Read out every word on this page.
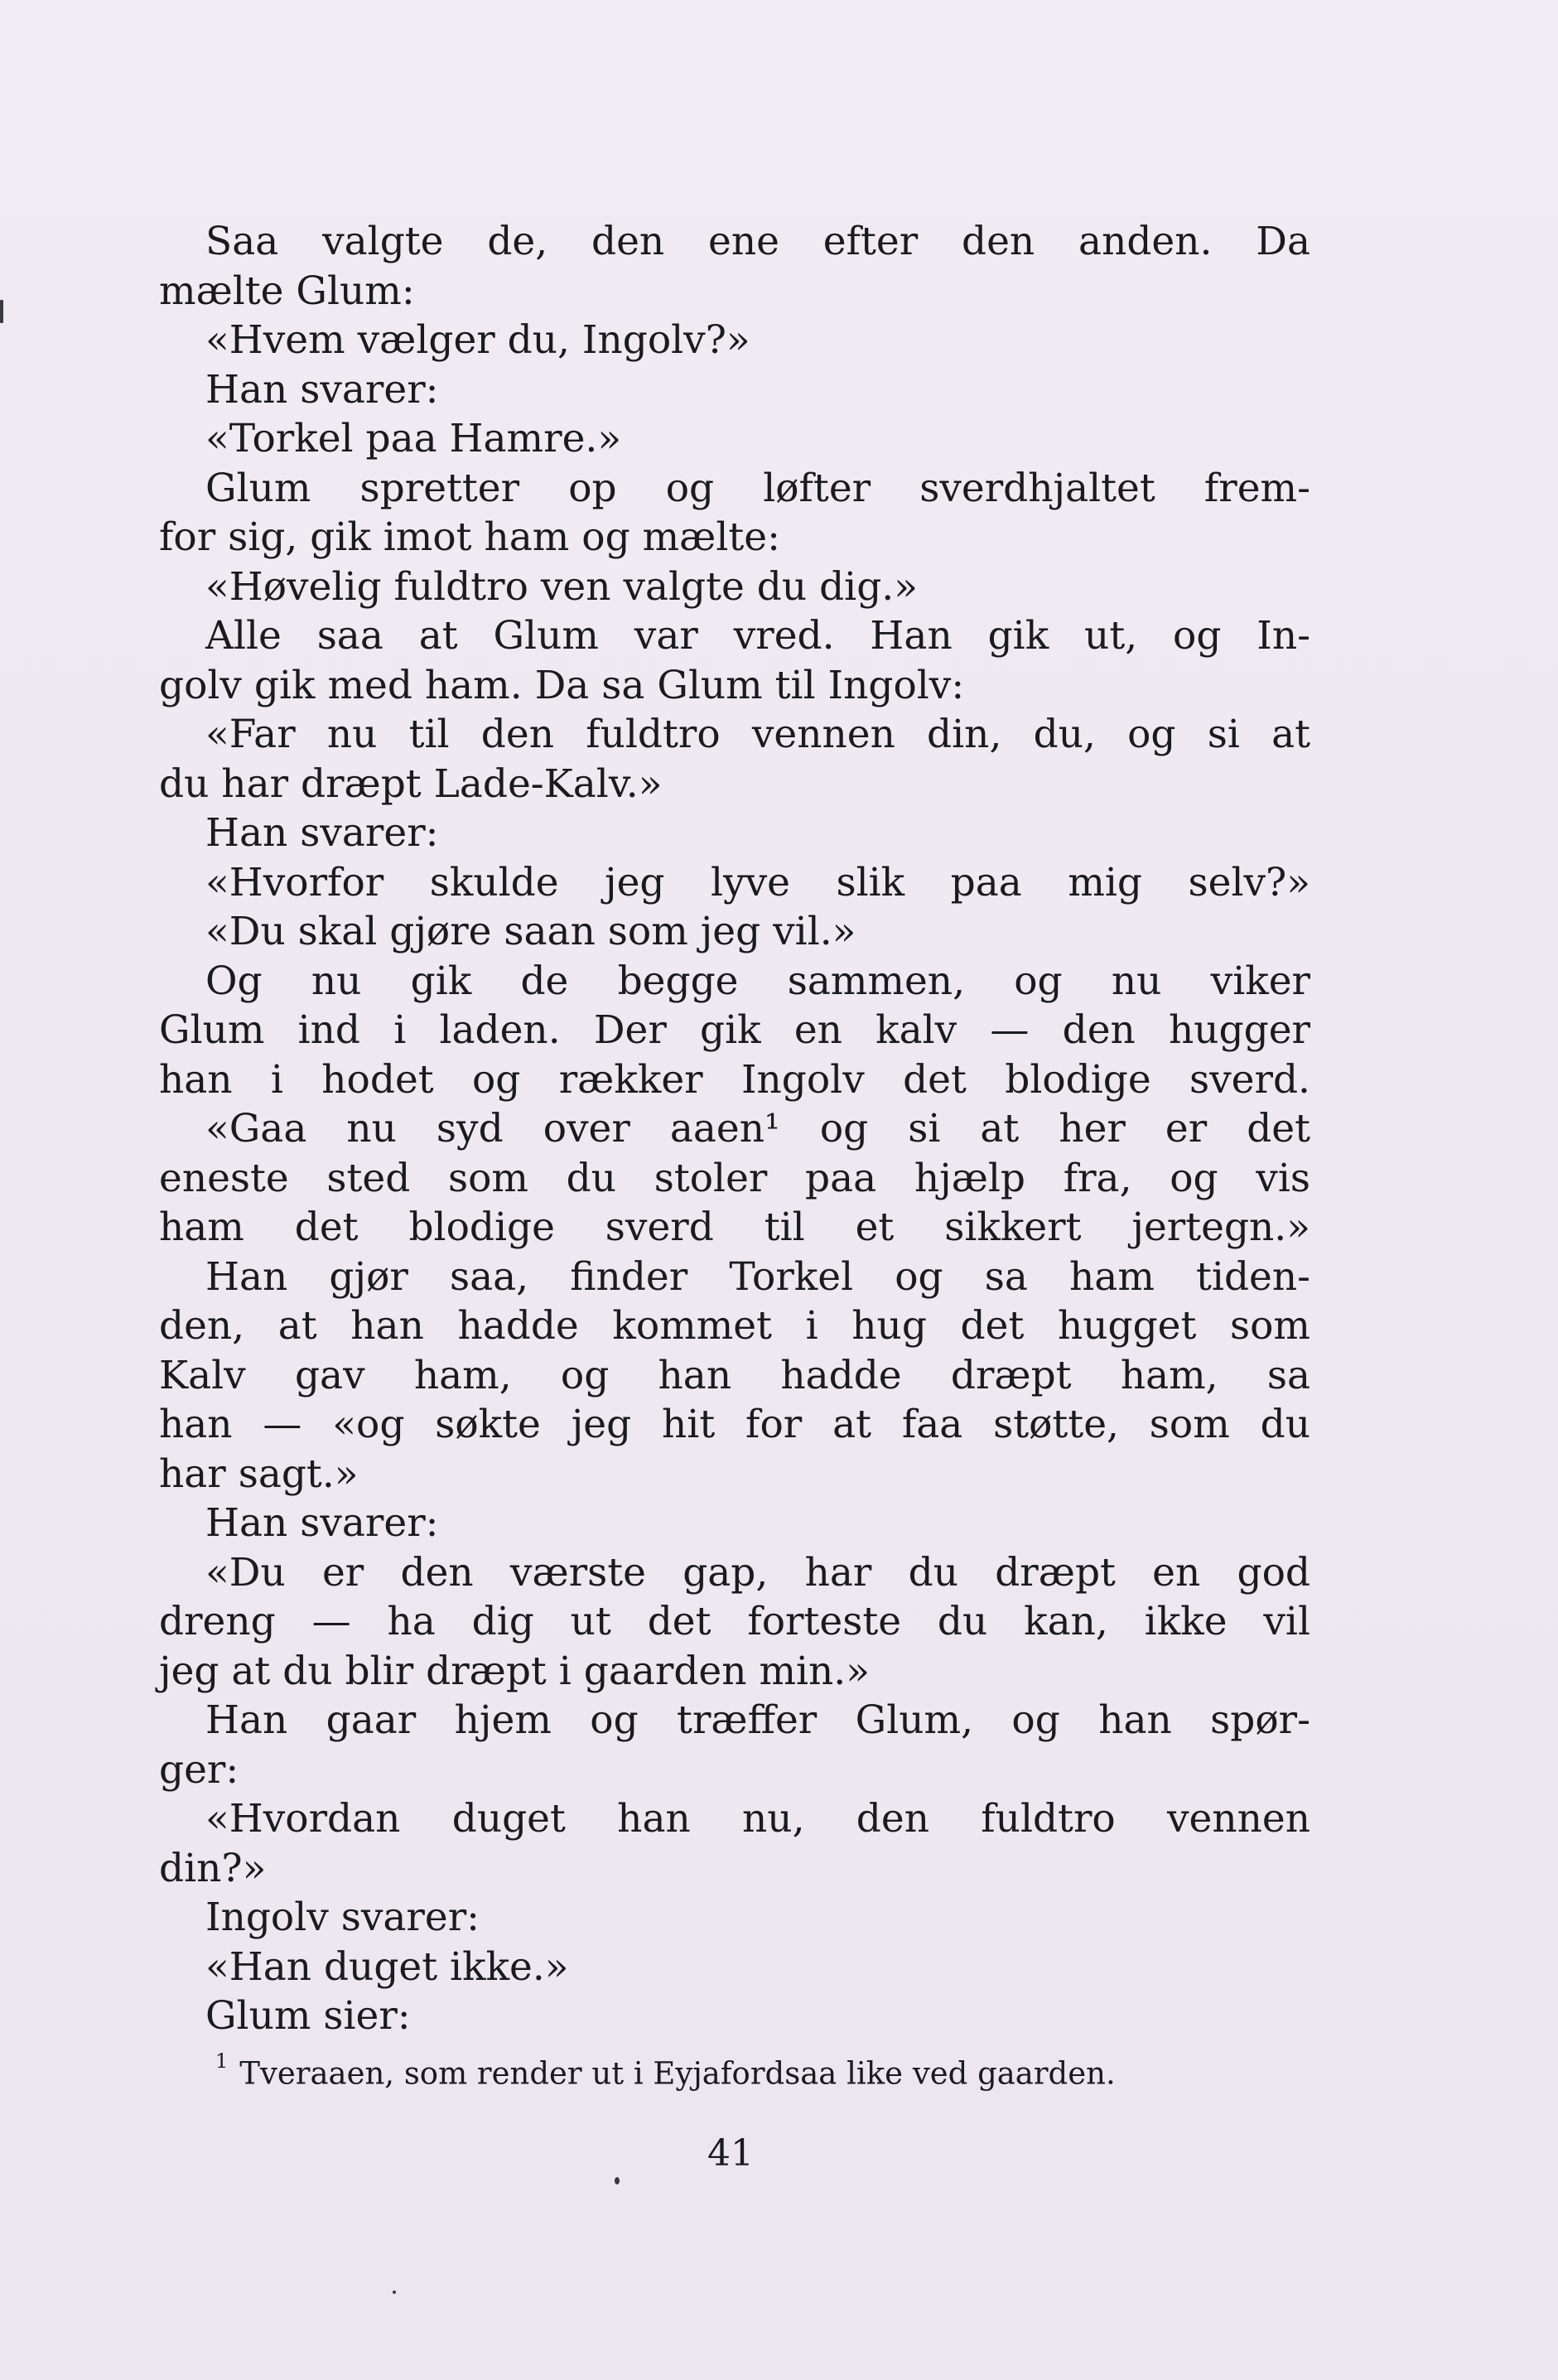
Saa valgte de, den ene efter den anden. Da
mælte Glum:
«Hvem vælger du, Ingolv?»
Han svarer:
«Torkel paa Hamre.»
Glum spretter op og løfter sverdhjaltet frem-
for sig, gik imot ham og mælte:
«Høvelig fuldtro ven valgte du dig.»
Alle saa at Glum var vred. Han gik ut, og In-
golv gik med ham. Da sa Glum til Ingolv:
«Far nu til den fuldtro vennen din, du, og si at
du har dræpt Lade-Kalv.»
Han svarer:
«Hvorfor skulde jeg lyve slik paa mig selv?»
«Du skal gjøre saan som jeg vil.»
Og nu gik de begge sammen, og nu viker
Glum ind i laden. Der gik en kalv — den hugger
han i hodet og rækker Ingolv det blodige sverd.
«Gaa nu syd over aaen¹ og si at her er det
eneste sted som du stoler paa hjælp fra, og vis
ham det blodige sverd til et sikkert jertegn.»
Han gjør saa, finder Torkel og sa ham tiden-
den, at han hadde kommet i hug det hugget som
Kalv gav ham, og han hadde dræpt ham, sa
han — «og søkte jeg hit for at faa støtte, som du
har sagt.»
Han svarer:
«Du er den værste gap, har du dræpt en god
dreng — ha dig ut det forteste du kan, ikke vil
jeg at du blir dræpt i gaarden min.»
Han gaar hjem og træffer Glum, og han spør-
ger:
«Hvordan duget han nu, den fuldtro vennen
din?»
Ingolv svarer:
«Han duget ikke.»
Glum sier:
$^1$ Tveraaen, som render ut i Eyjafordsaa like ved gaarden.
41
